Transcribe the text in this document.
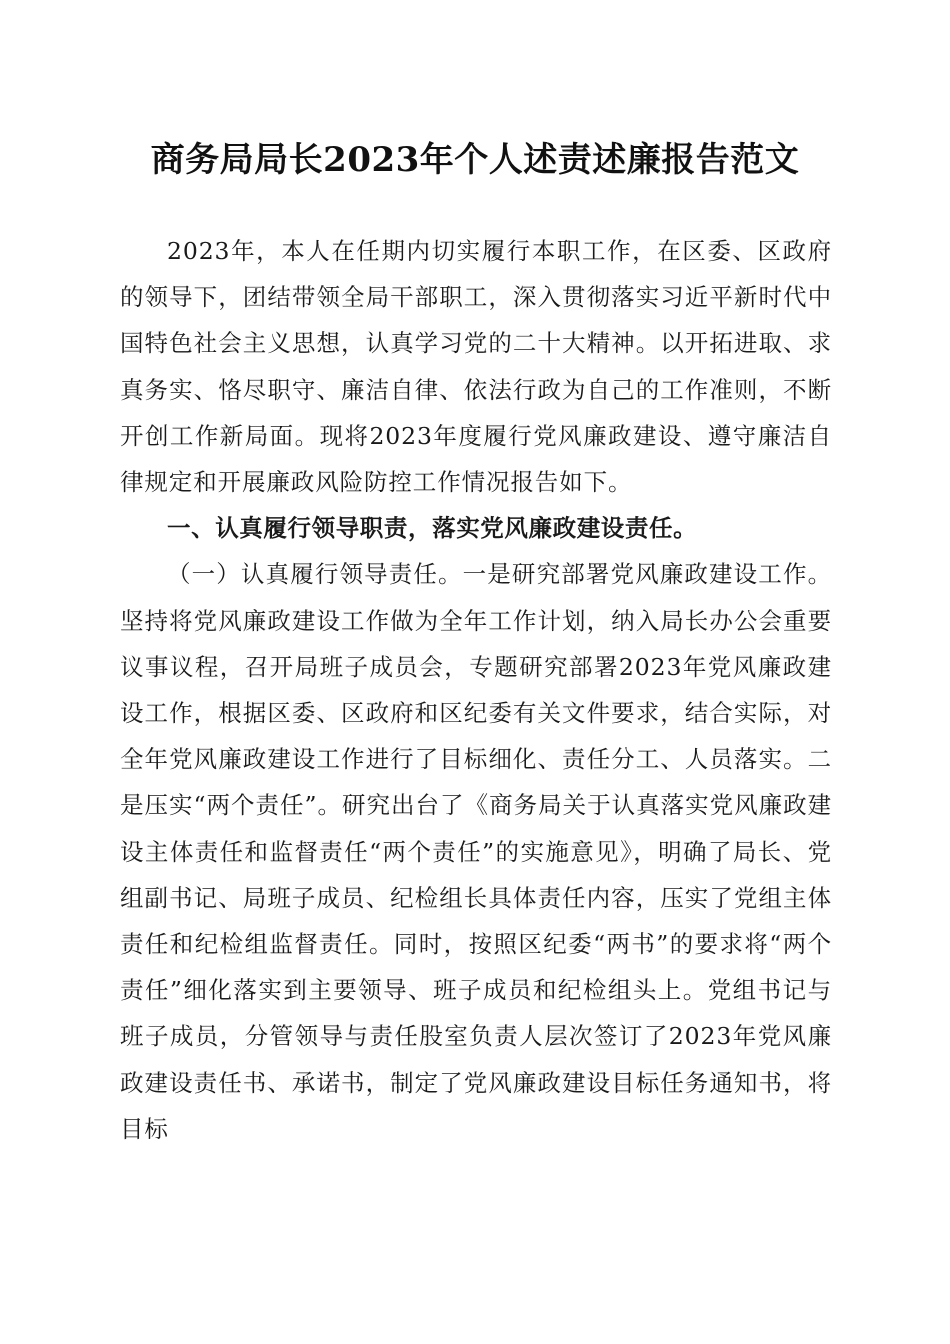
商务局局长2023年个人述责述廉报告范文

2023年，本人在任期内切实履行本职工作，在区委、区政府的领导下，团结带领全局干部职工，深入贯彻落实习近平新时代中国特色社会主义思想，认真学习党的二十大精神。以开拓进取、求真务实、恪尽职守、廉洁自律、依法行政为自己的工作准则，不断开创工作新局面。现将2023年度履行党风廉政建设、遵守廉洁自律规定和开展廉政风险防控工作情况报告如下。

一、认真履行领导职责，落实党风廉政建设责任。

（一）认真履行领导责任。一是研究部署党风廉政建设工作。坚持将党风廉政建设工作做为全年工作计划，纳入局长办公会重要议事议程，召开局班子成员会，专题研究部署2023年党风廉政建设工作，根据区委、区政府和区纪委有关文件要求，结合实际，对全年党风廉政建设工作进行了目标细化、责任分工、人员落实。二是压实“两个责任”。研究出台了《商务局关于认真落实党风廉政建设主体责任和监督责任“两个责任”的实施意见》，明确了局长、党组副书记、局班子成员、纪检组长具体责任内容，压实了党组主体责任和纪检组监督责任。同时，按照区纪委“两书”的要求将“两个责任”细化落实到主要领导、班子成员和纪检组头上。党组书记与班子成员，分管领导与责任股室负责人层次签订了2023年党风廉政建设责任书、承诺书，制定了党风廉政建设目标任务通知书，将目标
